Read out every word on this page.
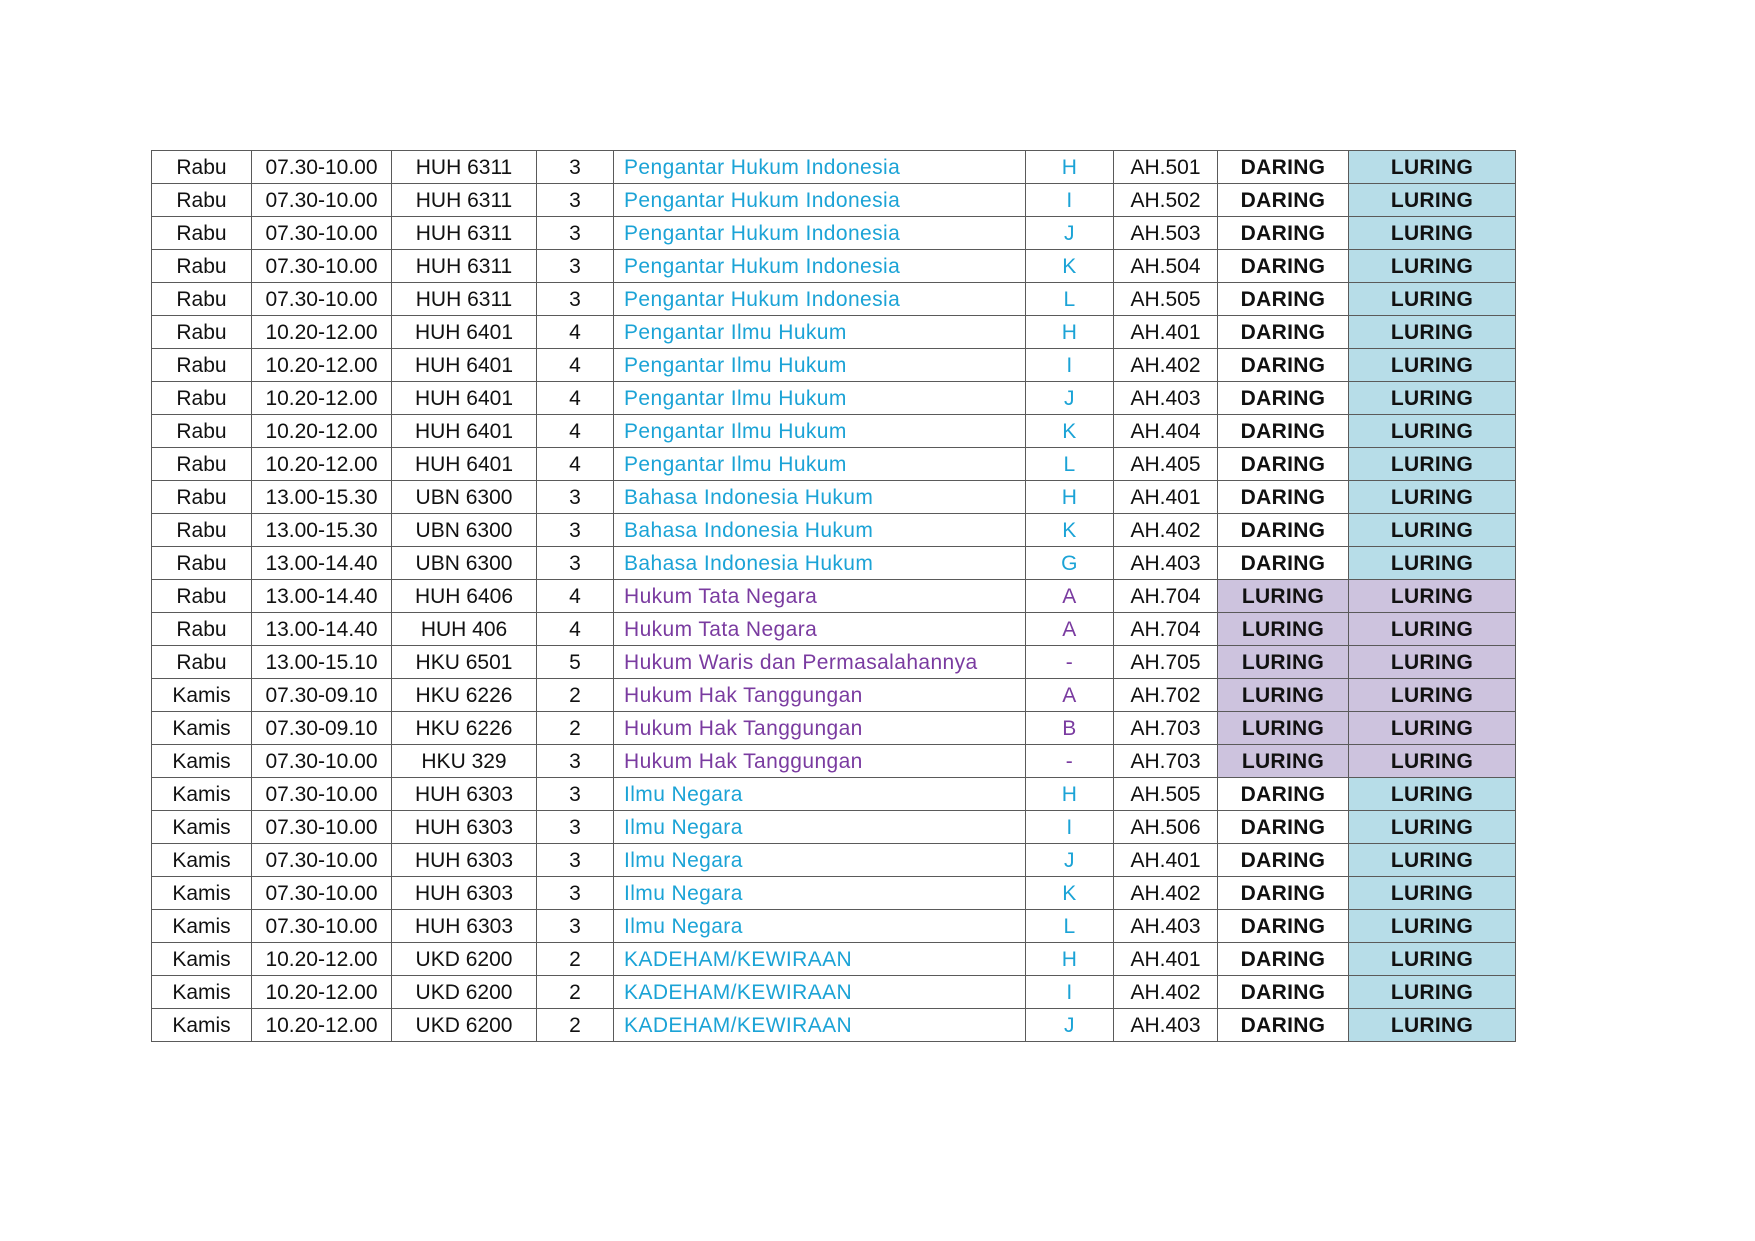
Rabu	07.30-10.00	HUH 6311	3	Pengantar Hukum Indonesia	H	AH.501	DARING	LURING
Rabu	07.30-10.00	HUH 6311	3	Pengantar Hukum Indonesia	I	AH.502	DARING	LURING
Rabu	07.30-10.00	HUH 6311	3	Pengantar Hukum Indonesia	J	AH.503	DARING	LURING
Rabu	07.30-10.00	HUH 6311	3	Pengantar Hukum Indonesia	K	AH.504	DARING	LURING
Rabu	07.30-10.00	HUH 6311	3	Pengantar Hukum Indonesia	L	AH.505	DARING	LURING
Rabu	10.20-12.00	HUH 6401	4	Pengantar Ilmu Hukum	H	AH.401	DARING	LURING
Rabu	10.20-12.00	HUH 6401	4	Pengantar Ilmu Hukum	I	AH.402	DARING	LURING
Rabu	10.20-12.00	HUH 6401	4	Pengantar Ilmu Hukum	J	AH.403	DARING	LURING
Rabu	10.20-12.00	HUH 6401	4	Pengantar Ilmu Hukum	K	AH.404	DARING	LURING
Rabu	10.20-12.00	HUH 6401	4	Pengantar Ilmu Hukum	L	AH.405	DARING	LURING
Rabu	13.00-15.30	UBN 6300	3	Bahasa Indonesia Hukum	H	AH.401	DARING	LURING
Rabu	13.00-15.30	UBN 6300	3	Bahasa Indonesia Hukum	K	AH.402	DARING	LURING
Rabu	13.00-14.40	UBN 6300	3	Bahasa Indonesia Hukum	G	AH.403	DARING	LURING
Rabu	13.00-14.40	HUH 6406	4	Hukum Tata Negara	A	AH.704	LURING	LURING
Rabu	13.00-14.40	HUH 406	4	Hukum Tata Negara	A	AH.704	LURING	LURING
Rabu	13.00-15.10	HKU 6501	5	Hukum Waris dan Permasalahannya	-	AH.705	LURING	LURING
Kamis	07.30-09.10	HKU 6226	2	Hukum Hak Tanggungan	A	AH.702	LURING	LURING
Kamis	07.30-09.10	HKU 6226	2	Hukum Hak Tanggungan	B	AH.703	LURING	LURING
Kamis	07.30-10.00	HKU 329	3	Hukum Hak Tanggungan	-	AH.703	LURING	LURING
Kamis	07.30-10.00	HUH 6303	3	Ilmu Negara	H	AH.505	DARING	LURING
Kamis	07.30-10.00	HUH 6303	3	Ilmu Negara	I	AH.506	DARING	LURING
Kamis	07.30-10.00	HUH 6303	3	Ilmu Negara	J	AH.401	DARING	LURING
Kamis	07.30-10.00	HUH 6303	3	Ilmu Negara	K	AH.402	DARING	LURING
Kamis	07.30-10.00	HUH 6303	3	Ilmu Negara	L	AH.403	DARING	LURING
Kamis	10.20-12.00	UKD 6200	2	KADEHAM/KEWIRAAN	H	AH.401	DARING	LURING
Kamis	10.20-12.00	UKD 6200	2	KADEHAM/KEWIRAAN	I	AH.402	DARING	LURING
Kamis	10.20-12.00	UKD 6200	2	KADEHAM/KEWIRAAN	J	AH.403	DARING	LURING
